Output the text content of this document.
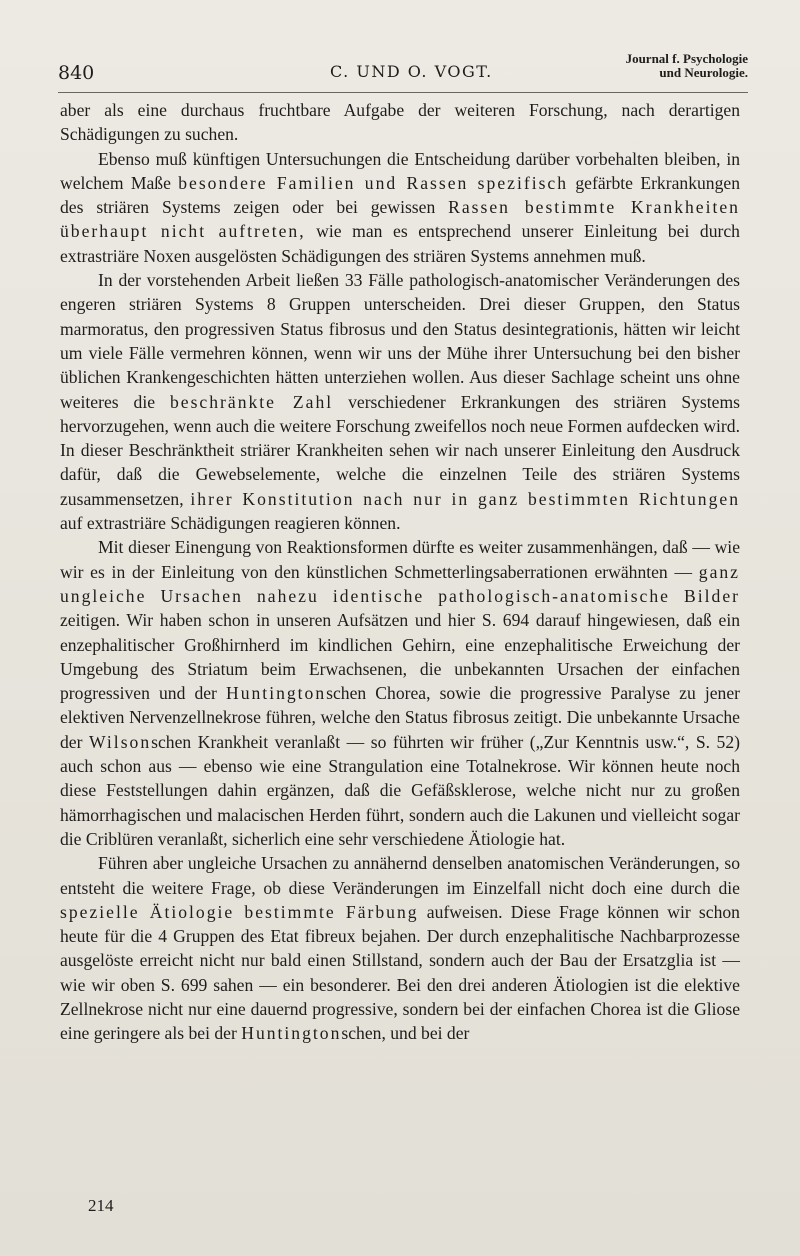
840	C. UND O. VOGT.
Journal f. Psychologie
und Neurologie.

aber als eine durchaus fruchtbare Aufgabe der weiteren Forschung, nach derartigen Schädigungen zu suchen.

Ebenso muß künftigen Untersuchungen die Entscheidung darüber vorbehalten bleiben, in welchem Maße besondere Familien und Rassen spezifisch gefärbte Erkrankungen des striären Systems zeigen oder bei gewissen Rassen bestimmte Krankheiten überhaupt nicht auftreten, wie man es entsprechend unserer Einleitung bei durch extrastriäre Noxen ausgelösten Schädigungen des striären Systems annehmen muß.

In der vorstehenden Arbeit ließen 33 Fälle pathologisch-anatomischer Veränderungen des engeren striären Systems 8 Gruppen unterscheiden. Drei dieser Gruppen, den Status marmoratus, den progressiven Status fibrosus und den Status desintegrationis, hätten wir leicht um viele Fälle vermehren können, wenn wir uns der Mühe ihrer Untersuchung bei den bisher üblichen Krankengeschichten hätten unterziehen wollen. Aus dieser Sachlage scheint uns ohne weiteres die beschränkte Zahl verschiedener Erkrankungen des striären Systems hervorzugehen, wenn auch die weitere Forschung zweifellos noch neue Formen aufdecken wird. In dieser Beschränktheit striärer Krankheiten sehen wir nach unserer Einleitung den Ausdruck dafür, daß die Gewebselemente, welche die einzelnen Teile des striären Systems zusammensetzen, ihrer Konstitution nach nur in ganz bestimmten Richtungen auf extrastriäre Schädigungen reagieren können.

Mit dieser Einengung von Reaktionsformen dürfte es weiter zusammenhängen, daß — wie wir es in der Einleitung von den künstlichen Schmetterlingsaberrationen erwähnten — ganz ungleiche Ursachen nahezu identische pathologisch-anatomische Bilder zeitigen. Wir haben schon in unseren Aufsätzen und hier S. 694 darauf hingewiesen, daß ein enzephalitischer Großhirnherd im kindlichen Gehirn, eine enzephalitische Erweichung der Umgebung des Striatum beim Erwachsenen, die unbekannten Ursachen der einfachen progressiven und der Huntingtonschen Chorea, sowie die progressive Paralyse zu jener elektiven Nervenzellnekrose führen, welche den Status fibrosus zeitigt. Die unbekannte Ursache der Wilsonschen Krankheit veranlaßt — so führten wir früher („Zur Kenntnis usw.“, S. 52) auch schon aus — ebenso wie eine Strangulation eine Totalnekrose. Wir können heute noch diese Feststellungen dahin ergänzen, daß die Gefäßsklerose, welche nicht nur zu großen hämorrhagischen und malacischen Herden führt, sondern auch die Lakunen und vielleicht sogar die Criblüren veranlaßt, sicherlich eine sehr verschiedene Ätiologie hat.

Führen aber ungleiche Ursachen zu annähernd denselben anatomischen Veränderungen, so entsteht die weitere Frage, ob diese Veränderungen im Einzelfall nicht doch eine durch die spezielle Ätiologie bestimmte Färbung aufweisen. Diese Frage können wir schon heute für die 4 Gruppen des Etat fibreux bejahen. Der durch enzephalitische Nachbarprozesse ausgelöste erreicht nicht nur bald einen Stillstand, sondern auch der Bau der Ersatzglia ist — wie wir oben S. 699 sahen — ein besonderer. Bei den drei anderen Ätiologien ist die elektive Zellnekrose nicht nur eine dauernd progressive, sondern bei der einfachen Chorea ist die Gliose eine geringere als bei der Huntingtonschen, und bei der

214
